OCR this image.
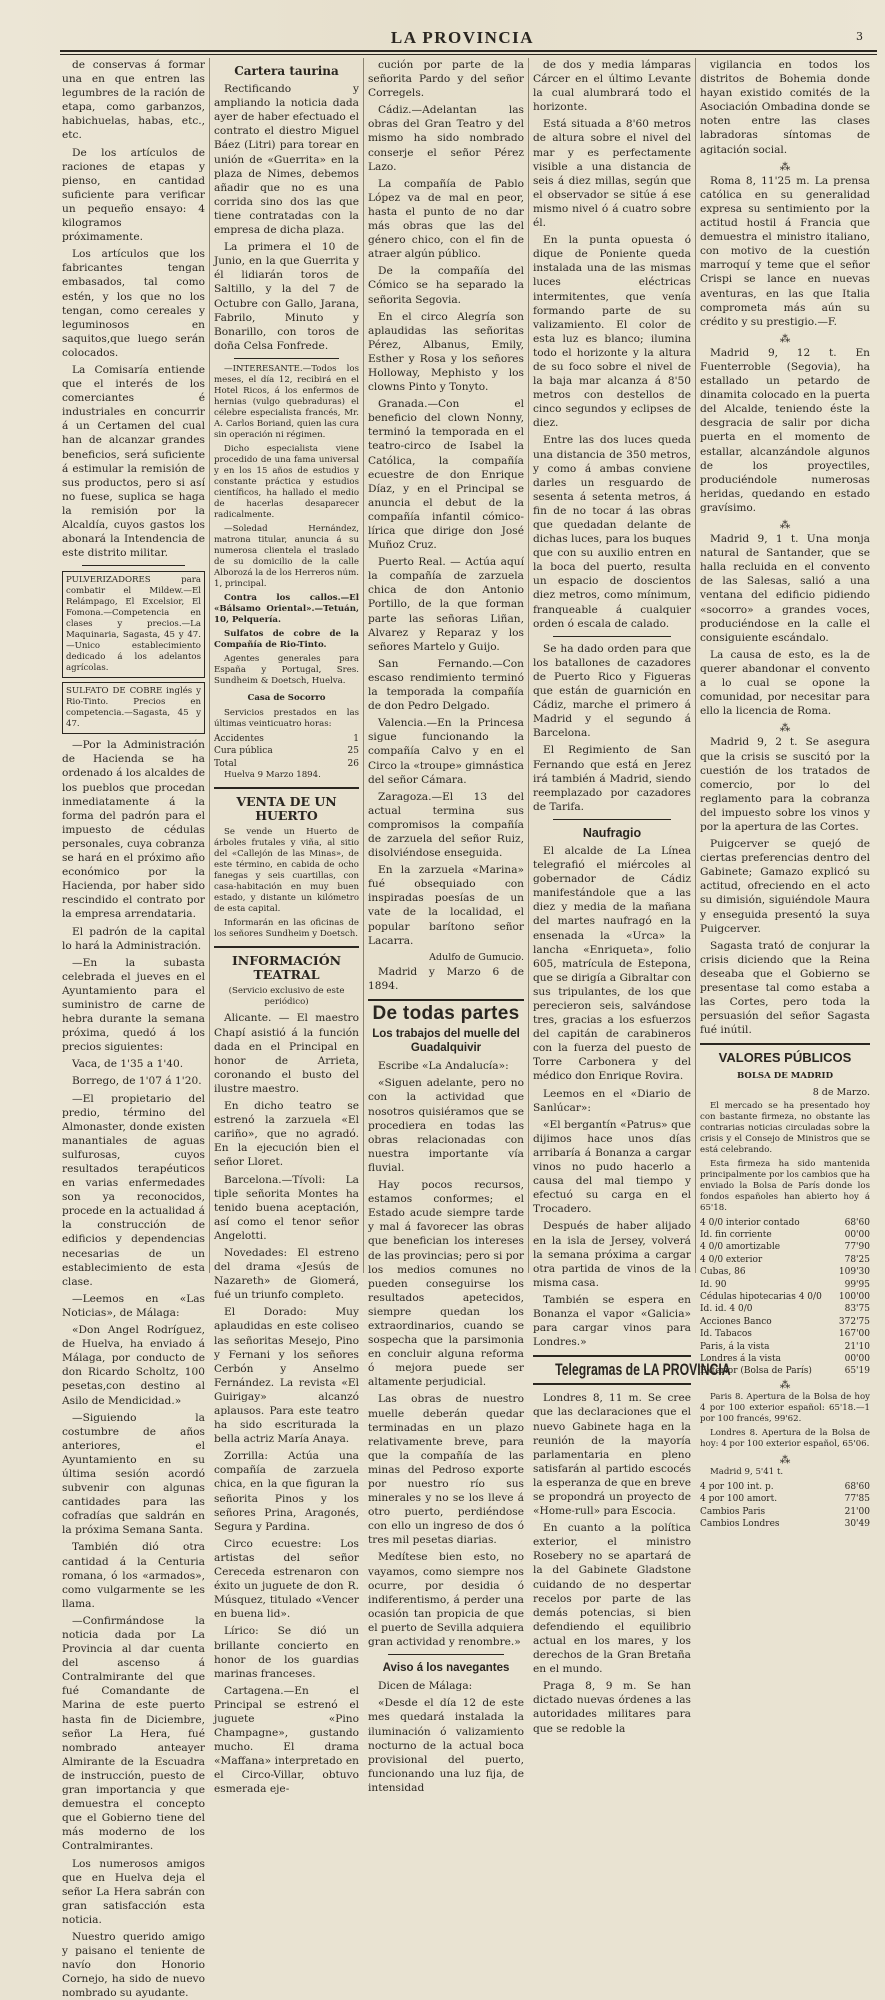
LA PROVINCIA	3

de conservas á formar una en que entren las legumbres de la ración de etapa, como garbanzos, habichuelas, habas, etc., etc.

De los artículos de raciones de etapas y pienso, en cantidad suficiente para verificar un pequeño ensayo: 4 kilogramos próximamente.

Los artículos que los fabricantes tengan embasados, tal como estén, y los que no los tengan, como cereales y leguminosos en saquitos,que luego serán colocados.

La Comisaría entiende que el interés de los comerciantes é industriales en concurrir á un Certamen del cual han de alcanzar grandes beneficios, será suficiente á estimular la remisión de sus productos, pero si así no fuese, suplica se haga la remisión por la Alcaldía, cuyos gastos los abonará la Intendencia de este distrito militar.

PULVERIZADORES para combatir el Mildew.—El Relámpago, El Excelsior, El Fomona.—Competencia en clases y precios.—La Maquinaria, Sagasta, 45 y 47.—Unico establecimiento dedicado á los adelantos agrícolas.
SULFATO DE COBRE inglés y Rio-Tinto. Precios en competencia.—Sagasta, 45 y 47.

—Por la Administración de Hacienda se ha ordenado á los alcaldes de los pueblos que procedan inmediatamente á la forma del padrón para el impuesto de cédulas personales, cuya cobranza se hará en el próximo año económico por la Hacienda, por haber sido rescindido el contrato por la empresa arrendataria.

El padrón de la capital lo hará la Administración.

—En la subasta celebrada el jueves en el Ayuntamiento para el suministro de carne de hebra durante la semana próxima, quedó á los precios siguientes:

Vaca, de 1'35 a 1'40.

Borrego, de 1'07 á 1'20.

—El propietario del predio, término del Almonaster, donde existen manantiales de aguas sulfurosas, cuyos resultados terapéuticos en varias enfermedades son ya reconocidos, procede en la actualidad á la construcción de edificios y dependencias necesarias de un establecimiento de esta clase.

—Leemos en «Las Noticias», de Málaga:

«Don Angel Rodríguez, de Huelva, ha enviado á Málaga, por conducto de don Ricardo Scholtz, 100 pesetas,con destino al Asilo de Mendicidad.»

—Siguiendo la costumbre de años anteriores, el Ayuntamiento en su última sesión acordó subvenir con algunas cantidades para las cofradías que saldrán en la próxima Semana Santa.

También dió otra cantidad á la Centuria romana, ó los «armados», como vulgarmente se les llama.

—Confirmándose la noticia dada por La Provincia al dar cuenta del ascenso á Contralmirante del que fué Comandante de Marina de este puerto hasta fin de Diciembre, señor La Hera, fué nombrado anteayer Almirante de la Escuadra de instrucción, puesto de gran importancia y que demuestra el concepto que el Gobierno tiene del más moderno de los Contralmirantes.

Los numerosos amigos que en Huelva deja el señor La Hera sabrán con gran satisfacción esta noticia.

Nuestro querido amigo y paisano el teniente de navío don Honorio Cornejo, ha sido de nuevo nombrado su ayudante.

Cartera taurina

Rectificando y ampliando la noticia dada ayer de haber efectuado el contrato el diestro Miguel Báez (Litri) para torear en unión de «Guerrita» en la plaza de Nimes, debemos añadir que no es una corrida sino dos las que tiene contratadas con la empresa de dicha plaza.

La primera el 10 de Junio, en la que Guerrita y él lidiarán toros de Saltillo, y la del 7 de Octubre con Gallo, Jarana, Fabrilo, Minuto y Bonarillo, con toros de doña Celsa Fonfrede.

—INTERESANTE.—Todos los meses, el día 12, recibirá en el Hotel Ricos, á los enfermos de hernias (vulgo quebraduras) el célebre especialista francés, Mr. A. Carlos Boriand, quien las cura sin operación ni régimen.

Dicho especialista viene procedido de una fama universal y en los 15 años de estudios y constante práctica y estudios científicos, ha hallado el medio de hacerlas desaparecer radicalmente.

—Soledad Hernández, matrona titular, anuncia á su numerosa clientela el traslado de su domicilio de la calle Alborozá la de los Herreros núm. 1, principal.

Contra los callos.—El «Bálsamo Oriental».—Tetuán, 10, Pelquería.

Sulfatos de cobre de la Compañía de Rio-Tinto.

Agentes generales para España y Portugal, Sres. Sundheim & Doetsch, Huelva.

Casa de Socorro

Servicios prestados en las últimas veinticuatro horas:

Accidentes	1
Cura pública	25
Total	26

Huelva 9 Marzo 1894.

VENTA DE UN HUERTO

Se vende un Huerto de árboles frutales y viña, al sitio del «Callejón de las Minas», de este término, en cabida de ocho fanegas y seis cuartillas, con casa-habitación en muy buen estado, y distante un kilómetro de esta capital.

Informarán en las oficinas de los señores Sundheim y Doetsch.

INFORMACIÓN TEATRAL

(Servicio exclusivo de este periódico)

Alicante. — El maestro Chapí asistió á la función dada en el Principal en honor de Arrieta, coronando el busto del ilustre maestro.

En dicho teatro se estrenó la zarzuela «El cariño», que no agradó. En la ejecución bien el señor Lloret.

Barcelona.—Tívoli: La tiple señorita Montes ha tenido buena aceptación, así como el tenor señor Angelotti.

Novedades: El estreno del drama «Jesús de Nazareth» de Giomerá, fué un triunfo completo.

El Dorado: Muy aplaudidas en este coliseo las señoritas Mesejo, Pino y Fernani y los señores Cerbón y Anselmo Fernández. La revista «El Guirigay» alcanzó aplausos. Para este teatro ha sido escriturada la bella actriz María Anaya.

Zorrilla: Actúa una compañía de zarzuela chica, en la que figuran la señorita Pinos y los señores Prina, Aragonés, Segura y Pardina.

Circo ecuestre: Los artistas del señor Cereceda estrenaron con éxito un juguete de don R. Músquez, titulado «Vencer en buena lid».

Lírico: Se dió un brillante concierto en honor de los guardias marinas franceses.

Cartagena.—En el Principal se estrenó el juguete «Pino Champagne», gustando mucho. El drama «Maffana» interpretado en el Circo-Villar, obtuvo esmerada eje-

cución por parte de la señorita Pardo y del señor Corregels.

Cádiz.—Adelantan las obras del Gran Teatro y del mismo ha sido nombrado conserje el señor Pérez Lazo.

La compañía de Pablo López va de mal en peor, hasta el punto de no dar más obras que las del género chico, con el fin de atraer algún público.

De la compañía del Cómico se ha separado la señorita Segovia.

En el circo Alegría son aplaudidas las señoritas Pérez, Albanus, Emily, Esther y Rosa y los señores Holloway, Mephisto y los clowns Pinto y Tonyto.

Granada.—Con el beneficio del clown Nonny, terminó la temporada en el teatro-circo de Isabel la Católica, la compañía ecuestre de don Enrique Díaz, y en el Principal se anuncia el debut de la compañía infantil cómico-lírica que dirige don José Muñoz Cruz.

Puerto Real. — Actúa aquí la compañía de zarzuela chica de don Antonio Portillo, de la que forman parte las señoras Liñan, Alvarez y Reparaz y los señores Martelo y Guijo.

San Fernando.—Con escaso rendimiento terminó la temporada la compañía de don Pedro Delgado.

Valencia.—En la Princesa sigue funcionando la compañía Calvo y en el Circo la «troupe» gimnástica del señor Cámara.

Zaragoza.—El 13 del actual termina sus compromisos la compañía de zarzuela del señor Ruiz, disolviéndose enseguida.

En la zarzuela «Marina» fué obsequiado con inspiradas poesías de un vate de la localidad, el popular barítono señor Lacarra.

Adulfo de Gumucio.

Madrid y Marzo 6 de 1894.

De todas partes
Los trabajos del muelle del Guadalquivir

Escribe «La Andalucía»:

«Siguen adelante, pero no con la actividad que nosotros quisiéramos que se procediera en todas las obras relacionadas con nuestra importante vía fluvial.

Hay pocos recursos, estamos conformes; el Estado acude siempre tarde y mal á favorecer las obras que benefician los intereses de las provincias; pero si por los medios comunes no pueden conseguirse los resultados apetecidos, siempre quedan los extraordinarios, cuando se sospecha que la parsimonia en concluir alguna reforma ó mejora puede ser altamente perjudicial.

Las obras de nuestro muelle deberán quedar terminadas en un plazo relativamente breve, para que la compañía de las minas del Pedroso exporte por nuestro río sus minerales y no se los lleve á otro puerto, perdiéndose con ello un ingreso de dos ó tres mil pesetas diarias.

Medítese bien esto, no vayamos, como siempre nos ocurre, por desidia ó indiferentismo, á perder una ocasión tan propicia de que el puerto de Sevilla adquiera gran actividad y renombre.»

Aviso á los navegantes

Dicen de Málaga:

«Desde el día 12 de este mes quedará instalada la iluminación ó valizamiento nocturno de la actual boca provisional del puerto, funcionando una luz fija, de intensidad

de dos y media lámparas Cárcer en el último Levante la cual alumbrará todo el horizonte.

Está situada a 8'60 metros de altura sobre el nivel del mar y es perfectamente visible a una distancia de seis á diez millas, según que el observador se sitúe á ese mismo nivel ó á cuatro sobre él.

En la punta opuesta ó dique de Poniente queda instalada una de las mismas luces eléctricas intermitentes, que venía formando parte de su valizamiento. El color de esta luz es blanco; ilumina todo el horizonte y la altura de su foco sobre el nivel de la baja mar alcanza á 8'50 metros con destellos de cinco segundos y eclipses de diez.

Entre las dos luces queda una distancia de 350 metros, y como á ambas conviene darles un resguardo de sesenta á setenta metros, á fin de no tocar á las obras que quedadan delante de dichas luces, para los buques que con su auxilio entren en la boca del puerto, resulta un espacio de doscientos diez metros, como mínimum, franqueable á cualquier orden ó escala de calado.

Se ha dado orden para que los batallones de cazadores de Puerto Rico y Figueras que están de guarnición en Cádiz, marche el primero á Madrid y el segundo á Barcelona.

El Regimiento de San Fernando que está en Jerez irá también á Madrid, siendo reemplazado por cazadores de Tarifa.

Naufragio

El alcalde de La Línea telegrafió el miércoles al gobernador de Cádiz manifestándole que a las diez y media de la mañana del martes naufragó en la ensenada la «Urca» la lancha «Enriqueta», folio 605, matrícula de Estepona, que se dirigía a Gibraltar con sus tripulantes, de los que perecieron seis, salvándose tres, gracias a los esfuerzos del capitán de carabineros con la fuerza del puesto de Torre Carbonera y del médico don Enrique Rovira.

Leemos en el «Diario de Sanlúcar»:

«El bergantín «Patrus» que dijimos hace unos días arribaría á Bonanza a cargar vinos no pudo hacerlo a causa del mal tiempo y efectuó su carga en el Trocadero.

Después de haber alijado en la isla de Jersey, volverá la semana próxima a cargar otra partida de vinos de la misma casa.

También se espera en Bonanza el vapor «Galicia» para cargar vinos para Londres.»

Telegramas de LA PROVINCIA

Londres 8, 11 m. Se cree que las declaraciones que el nuevo Gabinete haga en la reunión de la mayoría parlamentaria en pleno satisfarán al partido escocés la esperanza de que en breve se propondrá un proyecto de «Home-rull» para Escocia.

En cuanto a la política exterior, el ministro Rosebery no se apartará de la del Gabinete Gladstone cuidando de no despertar recelos por parte de las demás potencias, si bien defendiendo el equilibrio actual en los mares, y los derechos de la Gran Bretaña en el mundo.

Praga 8, 9 m. Se han dictado nuevas órdenes a las autoridades militares para que se redoble la

vigilancia en todos los distritos de Bohemia donde hayan existido comités de la Asociación Ombadina donde se noten entre las clases labradoras síntomas de agitación social.

⁂

Roma 8, 11'25 m. La prensa católica en su generalidad expresa su sentimiento por la actitud hostil á Francia que demuestra el ministro italiano, con motivo de la cuestión marroquí y teme que el señor Crispi se lance en nuevas aventuras, en las que Italia comprometa más aún su crédito y su prestigio.—F.

⁂

Madrid 9, 12 t. En Fuenterroble (Segovia), ha estallado un petardo de dinamita colocado en la puerta del Alcalde, teniendo éste la desgracia de salir por dicha puerta en el momento de estallar, alcanzándole algunos de los proyectiles, produciéndole numerosas heridas, quedando en estado gravísimo.

⁂

Madrid 9, 1 t. Una monja natural de Santander, que se halla recluida en el convento de las Salesas, salió a una ventana del edificio pidiendo «socorro» a grandes voces, produciéndose en la calle el consiguiente escándalo.

La causa de esto, es la de querer abandonar el convento a lo cual se opone la comunidad, por necesitar para ello la licencia de Roma.

⁂

Madrid 9, 2 t. Se asegura que la crisis se suscitó por la cuestión de los tratados de comercio, por lo del reglamento para la cobranza del impuesto sobre los vinos y por la apertura de las Cortes.

Puigcerver se quejó de ciertas preferencias dentro del Gabinete; Gamazo explicó su actitud, ofreciendo en el acto su dimisión, siguiéndole Maura y enseguida presentó la suya Puigcerver.

Sagasta trató de conjurar la crisis diciendo que la Reina deseaba que el Gobierno se presentase tal como estaba a las Cortes, pero toda la persuasión del señor Sagasta fué inútil.

VALORES PÚBLICOS
BOLSA DE MADRID
8 de Marzo.

El mercado se ha presentado hoy con bastante firmeza, no obstante las contrarias noticias circuladas sobre la crisis y el Consejo de Ministros que se está celebrando.

Esta firmeza ha sido mantenida principalmente por los cambios que ha enviado la Bolsa de París donde los fondos españoles han abierto hoy á 65'18.

4 0/0 interior contado	68'60
Id. fin corriente	00'00
4 0/0 amortizable	77'90
4 0/0 exterior	78'25
Cubas, 86	109'30
Id. 90	99'95
Cédulas hipotecarias 4 0/0	100'00
Id. id. 4 0/0	83'75
Acciones Banco	372'75
Id. Tabacos	167'00
Paris, á la vista	21'10
Londres á la vista	00'00
Exterior (Bolsa de París)	65'19
⁂

Paris 8. Apertura de la Bolsa de hoy 4 por 100 exterior español: 65'18.—1 por 100 francés, 99'62.

Londres 8. Apertura de la Bolsa de hoy: 4 por 100 exterior español, 65'06.

⁂

Madrid 9, 5'41 t.

4 por 100 int. p.	68'60
4 por 100 amort.	77'85
Cambios Paris	21'00
Cambios Londres	30'49
